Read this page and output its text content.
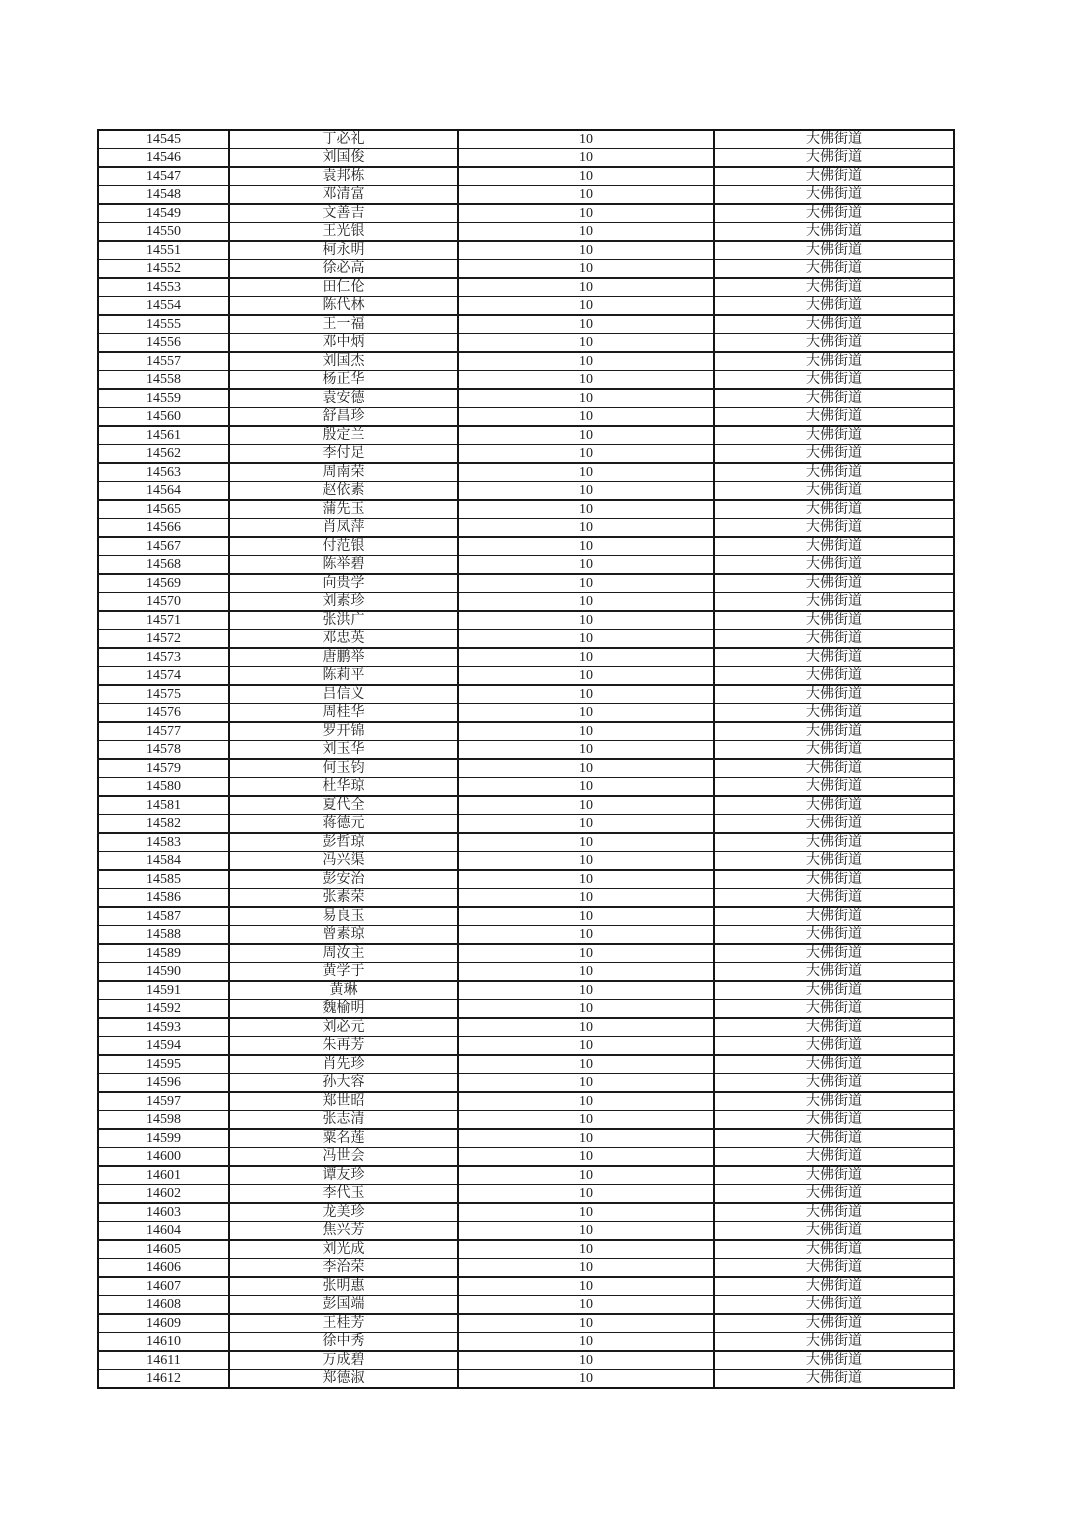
14545	丁必礼	10	大佛街道
14546	刘国俊	10	大佛街道
14547	袁邦栋	10	大佛街道
14548	邓清富	10	大佛街道
14549	文善吉	10	大佛街道
14550	王光银	10	大佛街道
14551	柯永明	10	大佛街道
14552	徐必高	10	大佛街道
14553	田仁伦	10	大佛街道
14554	陈代林	10	大佛街道
14555	王一福	10	大佛街道
14556	邓中炳	10	大佛街道
14557	刘国杰	10	大佛街道
14558	杨正华	10	大佛街道
14559	袁安德	10	大佛街道
14560	舒昌珍	10	大佛街道
14561	殷定兰	10	大佛街道
14562	李付足	10	大佛街道
14563	周南荣	10	大佛街道
14564	赵依素	10	大佛街道
14565	蒲先玉	10	大佛街道
14566	肖凤萍	10	大佛街道
14567	付范银	10	大佛街道
14568	陈举碧	10	大佛街道
14569	向贵学	10	大佛街道
14570	刘素珍	10	大佛街道
14571	张洪广	10	大佛街道
14572	邓忠英	10	大佛街道
14573	唐鹏举	10	大佛街道
14574	陈莉平	10	大佛街道
14575	吕信义	10	大佛街道
14576	周桂华	10	大佛街道
14577	罗开锦	10	大佛街道
14578	刘玉华	10	大佛街道
14579	何玉钧	10	大佛街道
14580	杜华琼	10	大佛街道
14581	夏代全	10	大佛街道
14582	蒋德元	10	大佛街道
14583	彭哲琼	10	大佛街道
14584	冯兴渠	10	大佛街道
14585	彭安治	10	大佛街道
14586	张素荣	10	大佛街道
14587	易良玉	10	大佛街道
14588	曾素琼	10	大佛街道
14589	周汝主	10	大佛街道
14590	黄学于	10	大佛街道
14591	黄琳	10	大佛街道
14592	魏榆明	10	大佛街道
14593	刘必元	10	大佛街道
14594	朱再芳	10	大佛街道
14595	肖先珍	10	大佛街道
14596	孙大容	10	大佛街道
14597	郑世昭	10	大佛街道
14598	张志清	10	大佛街道
14599	粟名莲	10	大佛街道
14600	冯世会	10	大佛街道
14601	谭友珍	10	大佛街道
14602	李代玉	10	大佛街道
14603	龙美珍	10	大佛街道
14604	焦兴芳	10	大佛街道
14605	刘光成	10	大佛街道
14606	李治荣	10	大佛街道
14607	张明惠	10	大佛街道
14608	彭国端	10	大佛街道
14609	王桂芳	10	大佛街道
14610	徐中秀	10	大佛街道
14611	万成碧	10	大佛街道
14612	郑德淑	10	大佛街道
